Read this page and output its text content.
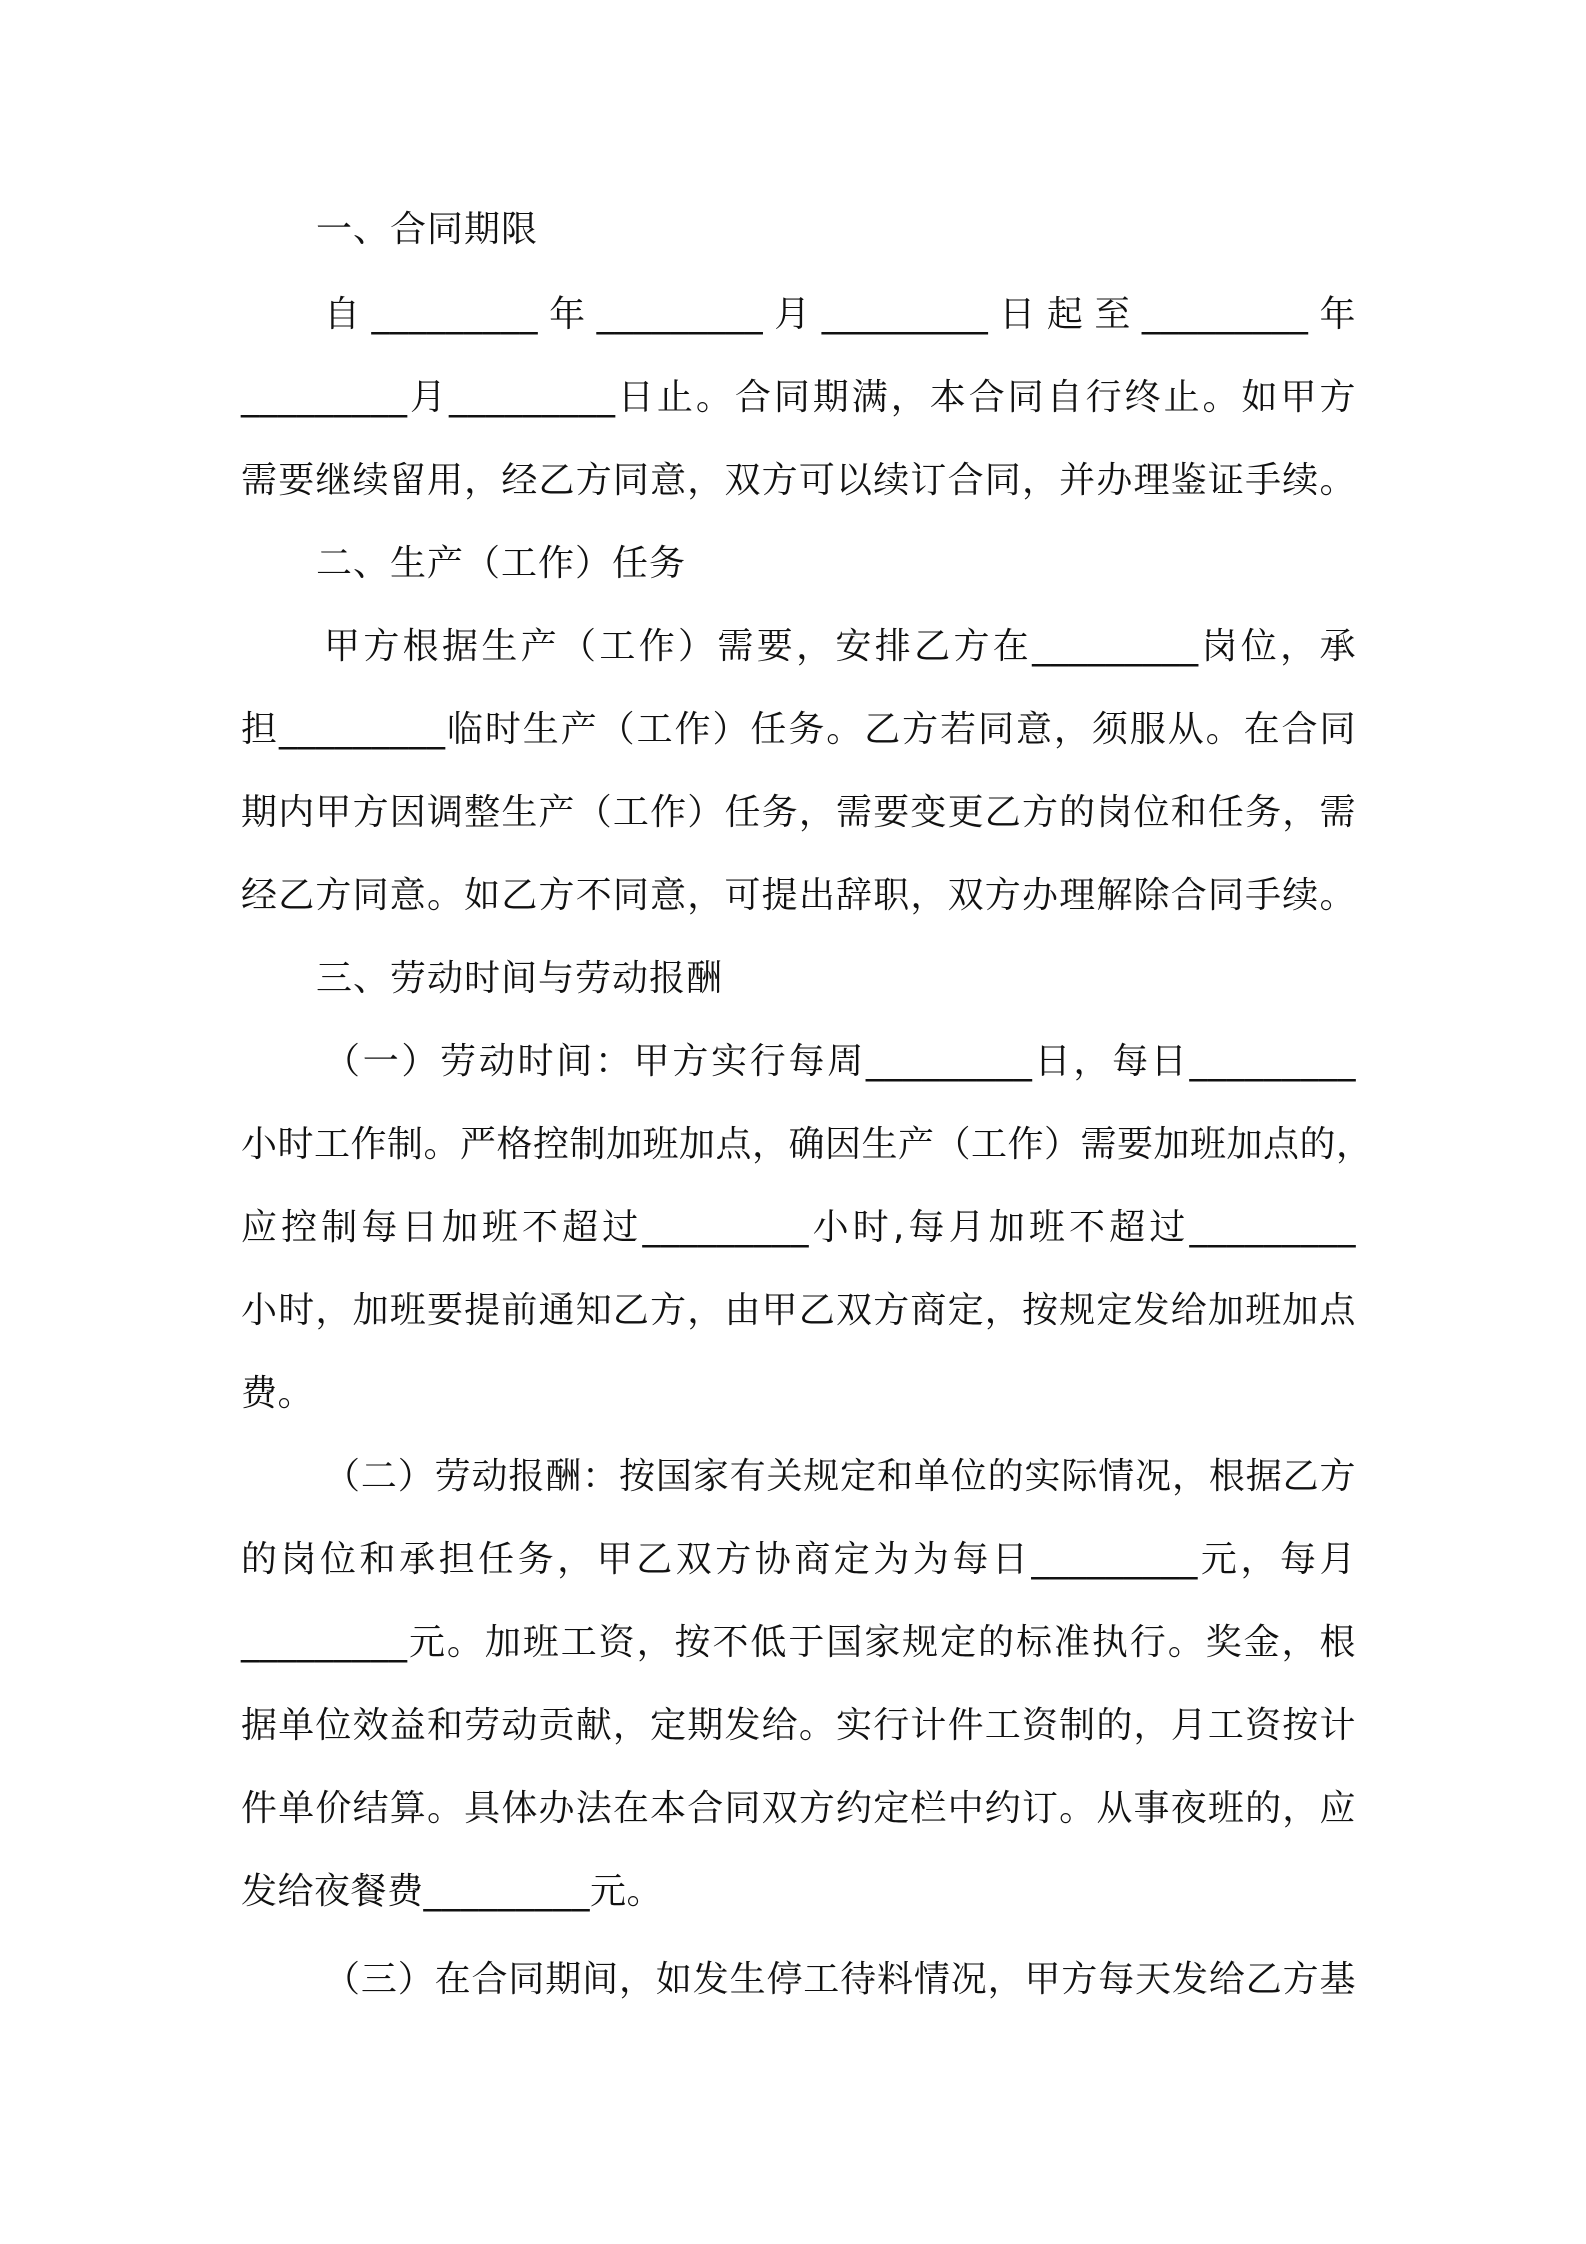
一、合同期限
自_________年_________月_________日起至_________年
_________月_________日止。合同期满，本合同自行终止。如甲方
需要继续留用，经乙方同意，双方可以续订合同，并办理鉴证手续。
二、生产（工作）任务
甲方根据生产（工作）需要，安排乙方在_________岗位，承
担_________临时生产（工作）任务。乙方若同意，须服从。在合同
期内甲方因调整生产（工作）任务，需要变更乙方的岗位和任务，需
经乙方同意。如乙方不同意，可提出辞职，双方办理解除合同手续。
三、劳动时间与劳动报酬
（一）劳动时间：甲方实行每周_________日，每日_________
小时工作制。严格控制加班加点，确因生产（工作）需要加班加点的，
应控制每日加班不超过_________小时,每月加班不超过_________
小时，加班要提前通知乙方，由甲乙双方商定，按规定发给加班加点
费。
（二）劳动报酬：按国家有关规定和单位的实际情况，根据乙方
的岗位和承担任务，甲乙双方协商定为为每日_________元，每月
_________元。加班工资，按不低于国家规定的标准执行。奖金，根
据单位效益和劳动贡献，定期发给。实行计件工资制的，月工资按计
件单价结算。具体办法在本合同双方约定栏中约订。从事夜班的，应
发给夜餐费_________元。
（三）在合同期间，如发生停工待料情况，甲方每天发给乙方基
